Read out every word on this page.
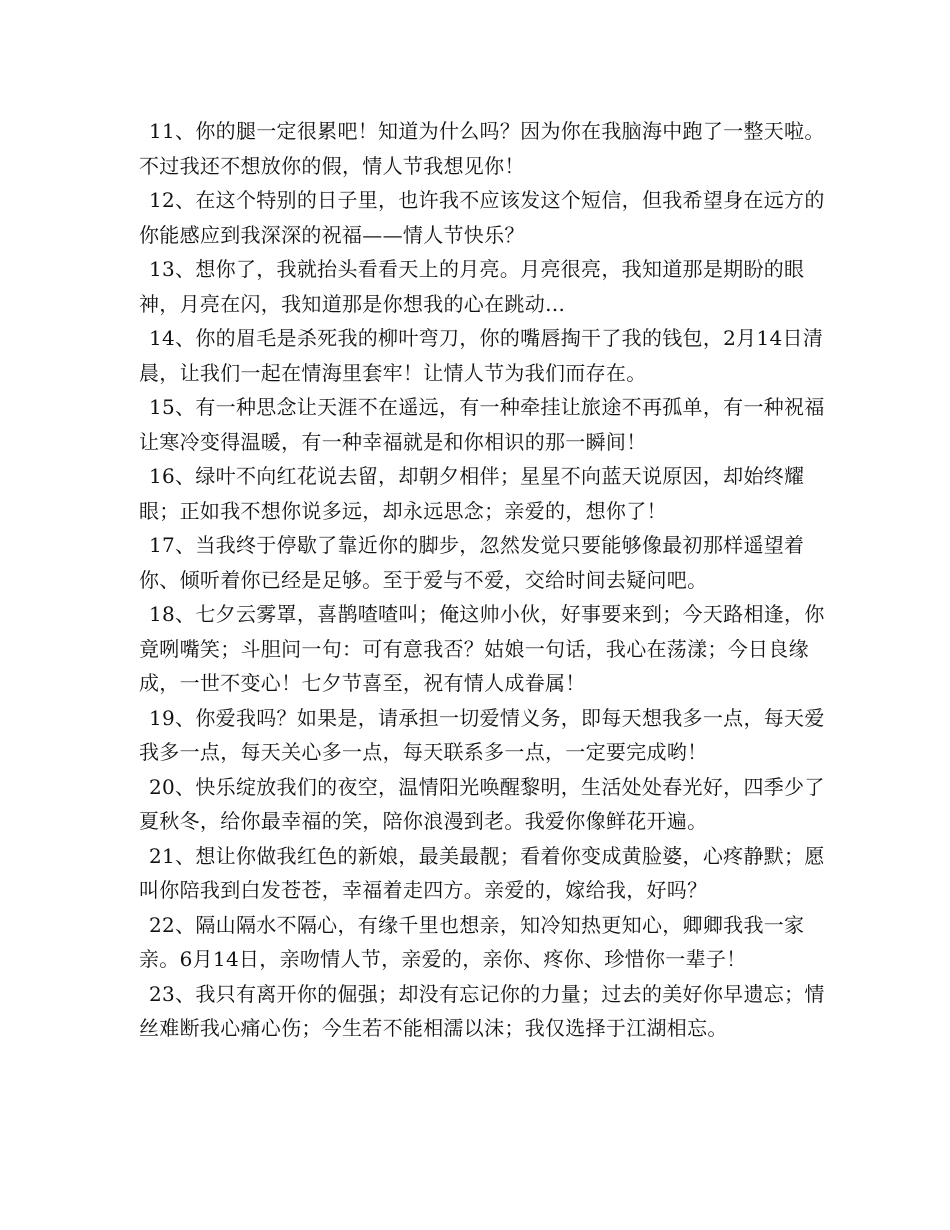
11、你的腿一定很累吧！知道为什么吗？因为你在我脑海中跑了一整天啦。不过我还不想放你的假，情人节我想见你！

12、在这个特别的日子里，也许我不应该发这个短信，但我希望身在远方的你能感应到我深深的祝福——情人节快乐？

13、想你了，我就抬头看看天上的月亮。月亮很亮，我知道那是期盼的眼神，月亮在闪，我知道那是你想我的心在跳动…

14、你的眉毛是杀死我的柳叶弯刀，你的嘴唇掏干了我的钱包，2月14日清晨，让我们一起在情海里套牢！让情人节为我们而存在。

15、有一种思念让天涯不在遥远，有一种牵挂让旅途不再孤单，有一种祝福让寒冷变得温暖，有一种幸福就是和你相识的那一瞬间！

16、绿叶不向红花说去留，却朝夕相伴；星星不向蓝天说原因，却始终耀眼；正如我不想你说多远，却永远思念；亲爱的，想你了！

17、当我终于停歇了靠近你的脚步，忽然发觉只要能够像最初那样遥望着你、倾听着你已经是足够。至于爱与不爱，交给时间去疑问吧。

18、七夕云雾罩，喜鹊喳喳叫；俺这帅小伙，好事要来到；今天路相逢，你竟咧嘴笑；斗胆问一句：可有意我否？姑娘一句话，我心在荡漾；今日良缘成，一世不变心！七夕节喜至，祝有情人成眷属！

19、你爱我吗？如果是，请承担一切爱情义务，即每天想我多一点，每天爱我多一点，每天关心多一点，每天联系多一点，一定要完成哟！

20、快乐绽放我们的夜空，温情阳光唤醒黎明，生活处处春光好，四季少了夏秋冬，给你最幸福的笑，陪你浪漫到老。我爱你像鲜花开遍。

21、想让你做我红色的新娘，最美最靓；看着你变成黄脸婆，心疼静默；愿叫你陪我到白发苍苍，幸福着走四方。亲爱的，嫁给我，好吗？

22、隔山隔水不隔心，有缘千里也想亲，知冷知热更知心，卿卿我我一家亲。6月14日，亲吻情人节，亲爱的，亲你、疼你、珍惜你一辈子！

23、我只有离开你的倔强；却没有忘记你的力量；过去的美好你早遗忘；情丝难断我心痛心伤；今生若不能相濡以沫；我仅选择于江湖相忘。
